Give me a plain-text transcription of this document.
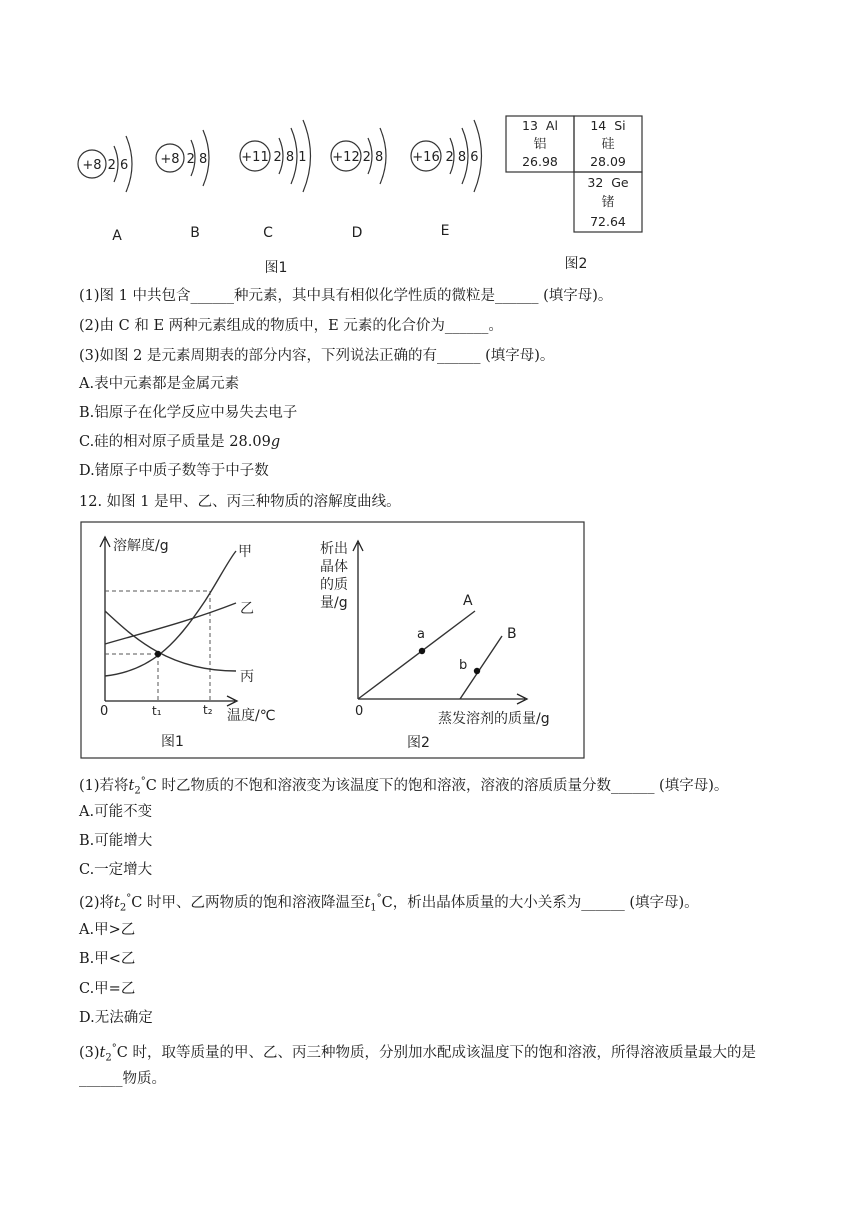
+8 2 6
A
+8 2 8
B
+11 2 8 1
C
+12 2 8
D
+16 2 8 6
E
图1
13  Al
铝
26.98
14  Si
硅
28.09
32  Ge
锗
72.64
图2
(1)图 1 中共包含______种元素，其中具有相似化学性质的微粒是______ (填字母)。
(2)由 C 和 E 两种元素组成的物质中，E 元素的化合价为______。
(3)如图 2 是元素周期表的部分内容，下列说法正确的有______ (填字母)。
A.表中元素都是金属元素
B.铝原子在化学反应中易失去电子
C.硅的相对原子质量是 28.09g
D.锗原子中质子数等于中子数
12. 如图 1 是甲、乙、丙三种物质的溶解度曲线。
溶解度/g
温度/℃
0	t₁	t₂
甲
乙
丙
图1
析出
晶体
的质
量/g
0	蒸发溶剂的质量/g
A
B
a
b
图2
(1)若将$t_2^\circ C$ 时乙物质的不饱和溶液变为该温度下的饱和溶液，溶液的溶质质量分数______ (填字母)。
A.可能不变
B.可能增大
C.一定增大
(2)将$t_2^\circ C$ 时甲、乙两物质的饱和溶液降温至$t_1^\circ C$，析出晶体质量的大小关系为______ (填字母)。
A.甲>乙
B.甲<乙
C.甲=乙
D.无法确定
$(3)t_2^\circ C$ 时，取等质量的甲、乙、丙三种物质，分别加水配成该温度下的饱和溶液，所得溶液质量最大的是
______物质。
